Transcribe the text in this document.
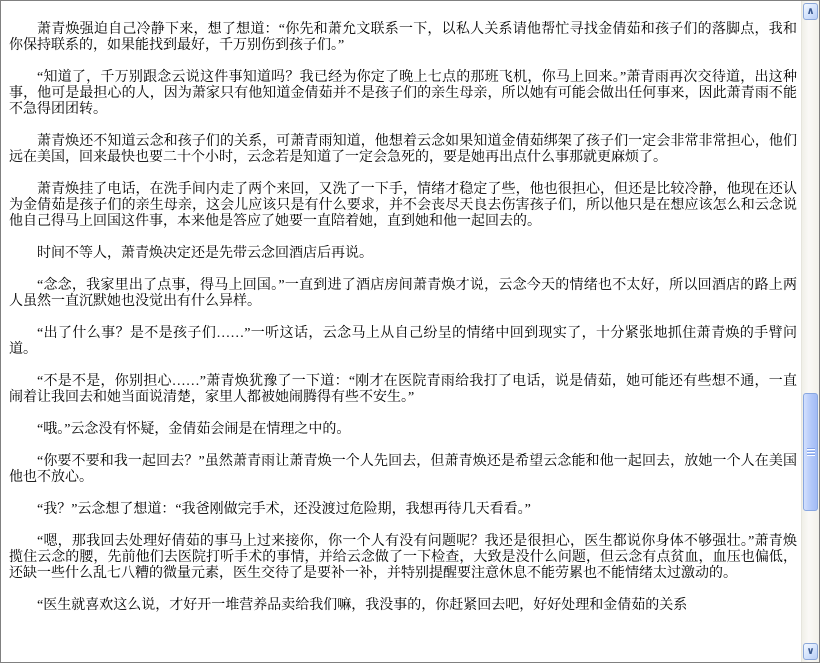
萧青焕强迫自己冷静下来，想了想道：“你先和萧允文联系一下，以私人关系请他帮忙寻找金倩茹和孩子们的落脚点，我和你保持联系的，如果能找到最好，千万别伤到孩子们。”

“知道了，千万别跟念云说这件事知道吗？我已经为你定了晚上七点的那班飞机，你马上回来。”萧青雨再次交待道，出这种事，他可是最担心的人，因为萧家只有他知道金倩茹并不是孩子们的亲生母亲，所以她有可能会做出任何事来，因此萧青雨不能不急得团团转。

萧青焕还不知道云念和孩子们的关系，可萧青雨知道，他想着云念如果知道金倩茹绑架了孩子们一定会非常非常担心，他们远在美国，回来最快也要二十个小时，云念若是知道了一定会急死的，要是她再出点什么事那就更麻烦了。

萧青焕挂了电话，在洗手间内走了两个来回，又洗了一下手，情绪才稳定了些，他也很担心，但还是比较冷静，他现在还认为金倩茹是孩子们的亲生母亲，这会儿应该只是有什么要求，并不会丧尽天良去伤害孩子们，所以他只是在想应该怎么和云念说他自己得马上回国这件事，本来他是答应了她要一直陪着她，直到她和他一起回去的。

时间不等人，萧青焕决定还是先带云念回酒店后再说。

“念念，我家里出了点事，得马上回国。”一直到进了酒店房间萧青焕才说，云念今天的情绪也不太好，所以回酒店的路上两人虽然一直沉默她也没觉出有什么异样。

“出了什么事？是不是孩子们……”一听这话，云念马上从自己纷呈的情绪中回到现实了，十分紧张地抓住萧青焕的手臂问道。

“不是不是，你别担心……”萧青焕犹豫了一下道：“刚才在医院青雨给我打了电话，说是倩茹，她可能还有些想不通，一直闹着让我回去和她当面说清楚，家里人都被她闹腾得有些不安生。”

“哦。”云念没有怀疑，金倩茹会闹是在情理之中的。

“你要不要和我一起回去？”虽然萧青雨让萧青焕一个人先回去，但萧青焕还是希望云念能和他一起回去，放她一个人在美国他也不放心。

“我？”云念想了想道：“我爸刚做完手术，还没渡过危险期，我想再待几天看看。”

“嗯，那我回去处理好倩茹的事马上过来接你，你一个人有没有问题呢？我还是很担心，医生都说你身体不够强壮。”萧青焕揽住云念的腰，先前他们去医院打听手术的事情，并给云念做了一下检查，大致是没什么问题，但云念有点贫血，血压也偏低，还缺一些什么乱七八糟的微量元素，医生交待了是要补一补，并特别提醒要注意休息不能劳累也不能情绪太过激动的。

“医生就喜欢这么说，才好开一堆营养品卖给我们嘛，我没事的，你赶紧回去吧，好好处理和金倩茹的关系

∧
∨
